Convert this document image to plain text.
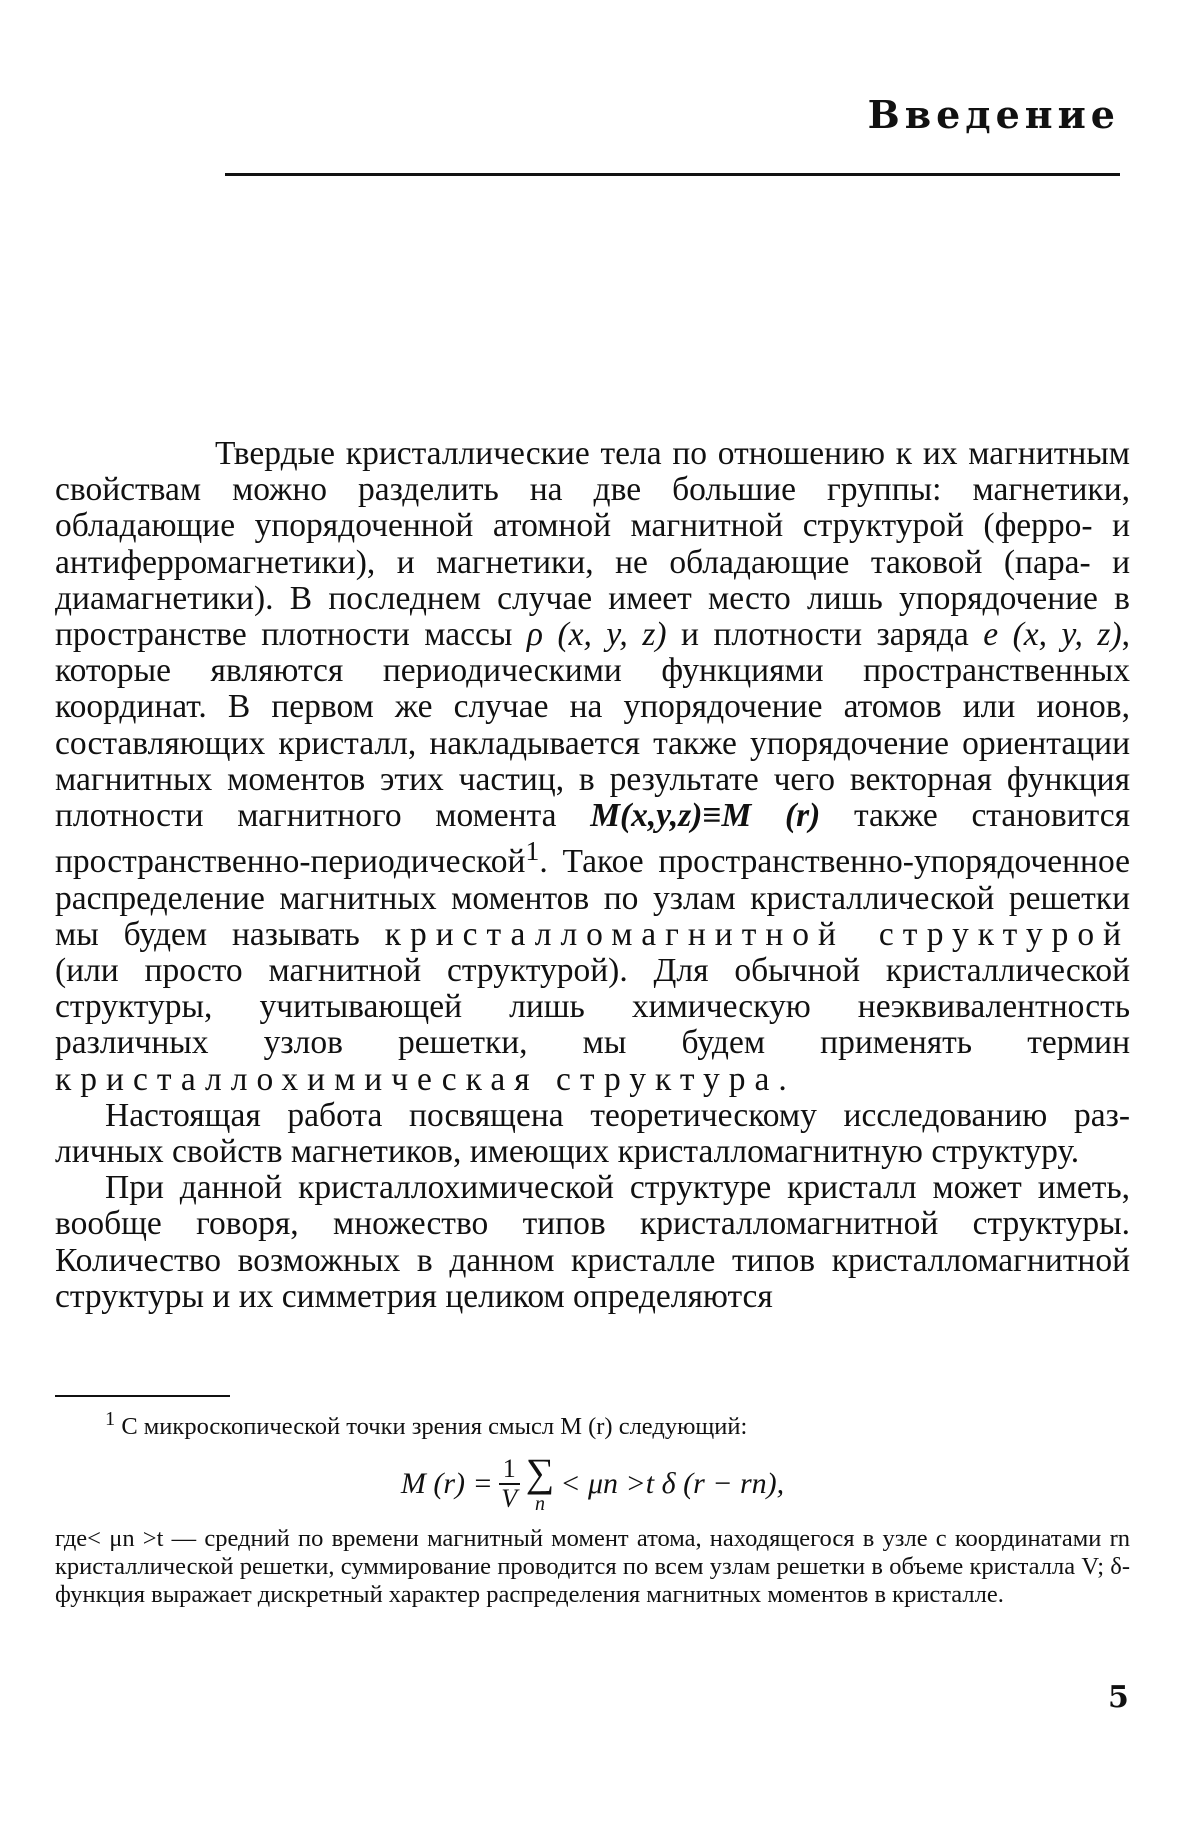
Введение

Твердые кристаллические тела по отношению к их магнитным свойствам можно разделить на две большие группы: магнетики, обладающие упорядоченной атомной магнитной структурой (ферро- и антиферромагнетики), и магнетики, не обладающие таковой (пара- и диамагнетики). В последнем случае имеет место лишь упорядочение в пространстве плотности массы ρ (x, y, z) и плотности заряда e (x, y, z), которые являются периодическими функциями пространственных координат. В первом же случае на упорядочение атомов или ионов, составляющих кристалл, накладывается также упорядочение ориентации магнитных моментов этих частиц, в результате чего векторная функция плотности магнитного момента M(x,y,z)≡M (r) также становится пространственно-периодической$^1$. Такое пространственно-упорядоченное распределение магнитных моментов по узлам кристаллической решетки мы будем называть кристалломагнитной структурой (или просто магнитной структурой). Для обычной кристаллической структуры, учитывающей лишь химическую неэквивалентность различных узлов решетки, мы будем применять термин кристаллохимическая структура.

Настоящая работа посвящена теоретическому исследованию различных свойств магнетиков, имеющих кристалломагнитную структуру.

При данной кристаллохимической структуре кристалл может иметь, вообще говоря, множество типов кристалломагнитной структуры. Количество возможных в данном кристалле типов кристалломагнитной структуры и их симметрия целиком определяются

$^1$ С микроскопической точки зрения смысл M (r) следующий:

M $(r) = \frac{1}{V}$ ∑
n
< μn >t δ (r − rn),

где< μn >t — средний по времени магнитный момент атома, находящегося в узле с координатами rn кристаллической решетки, суммирование проводится по всем узлам решетки в объеме кристалла V; δ-функция выражает дискретный характер распределения магнитных моментов в кристалле.

5
